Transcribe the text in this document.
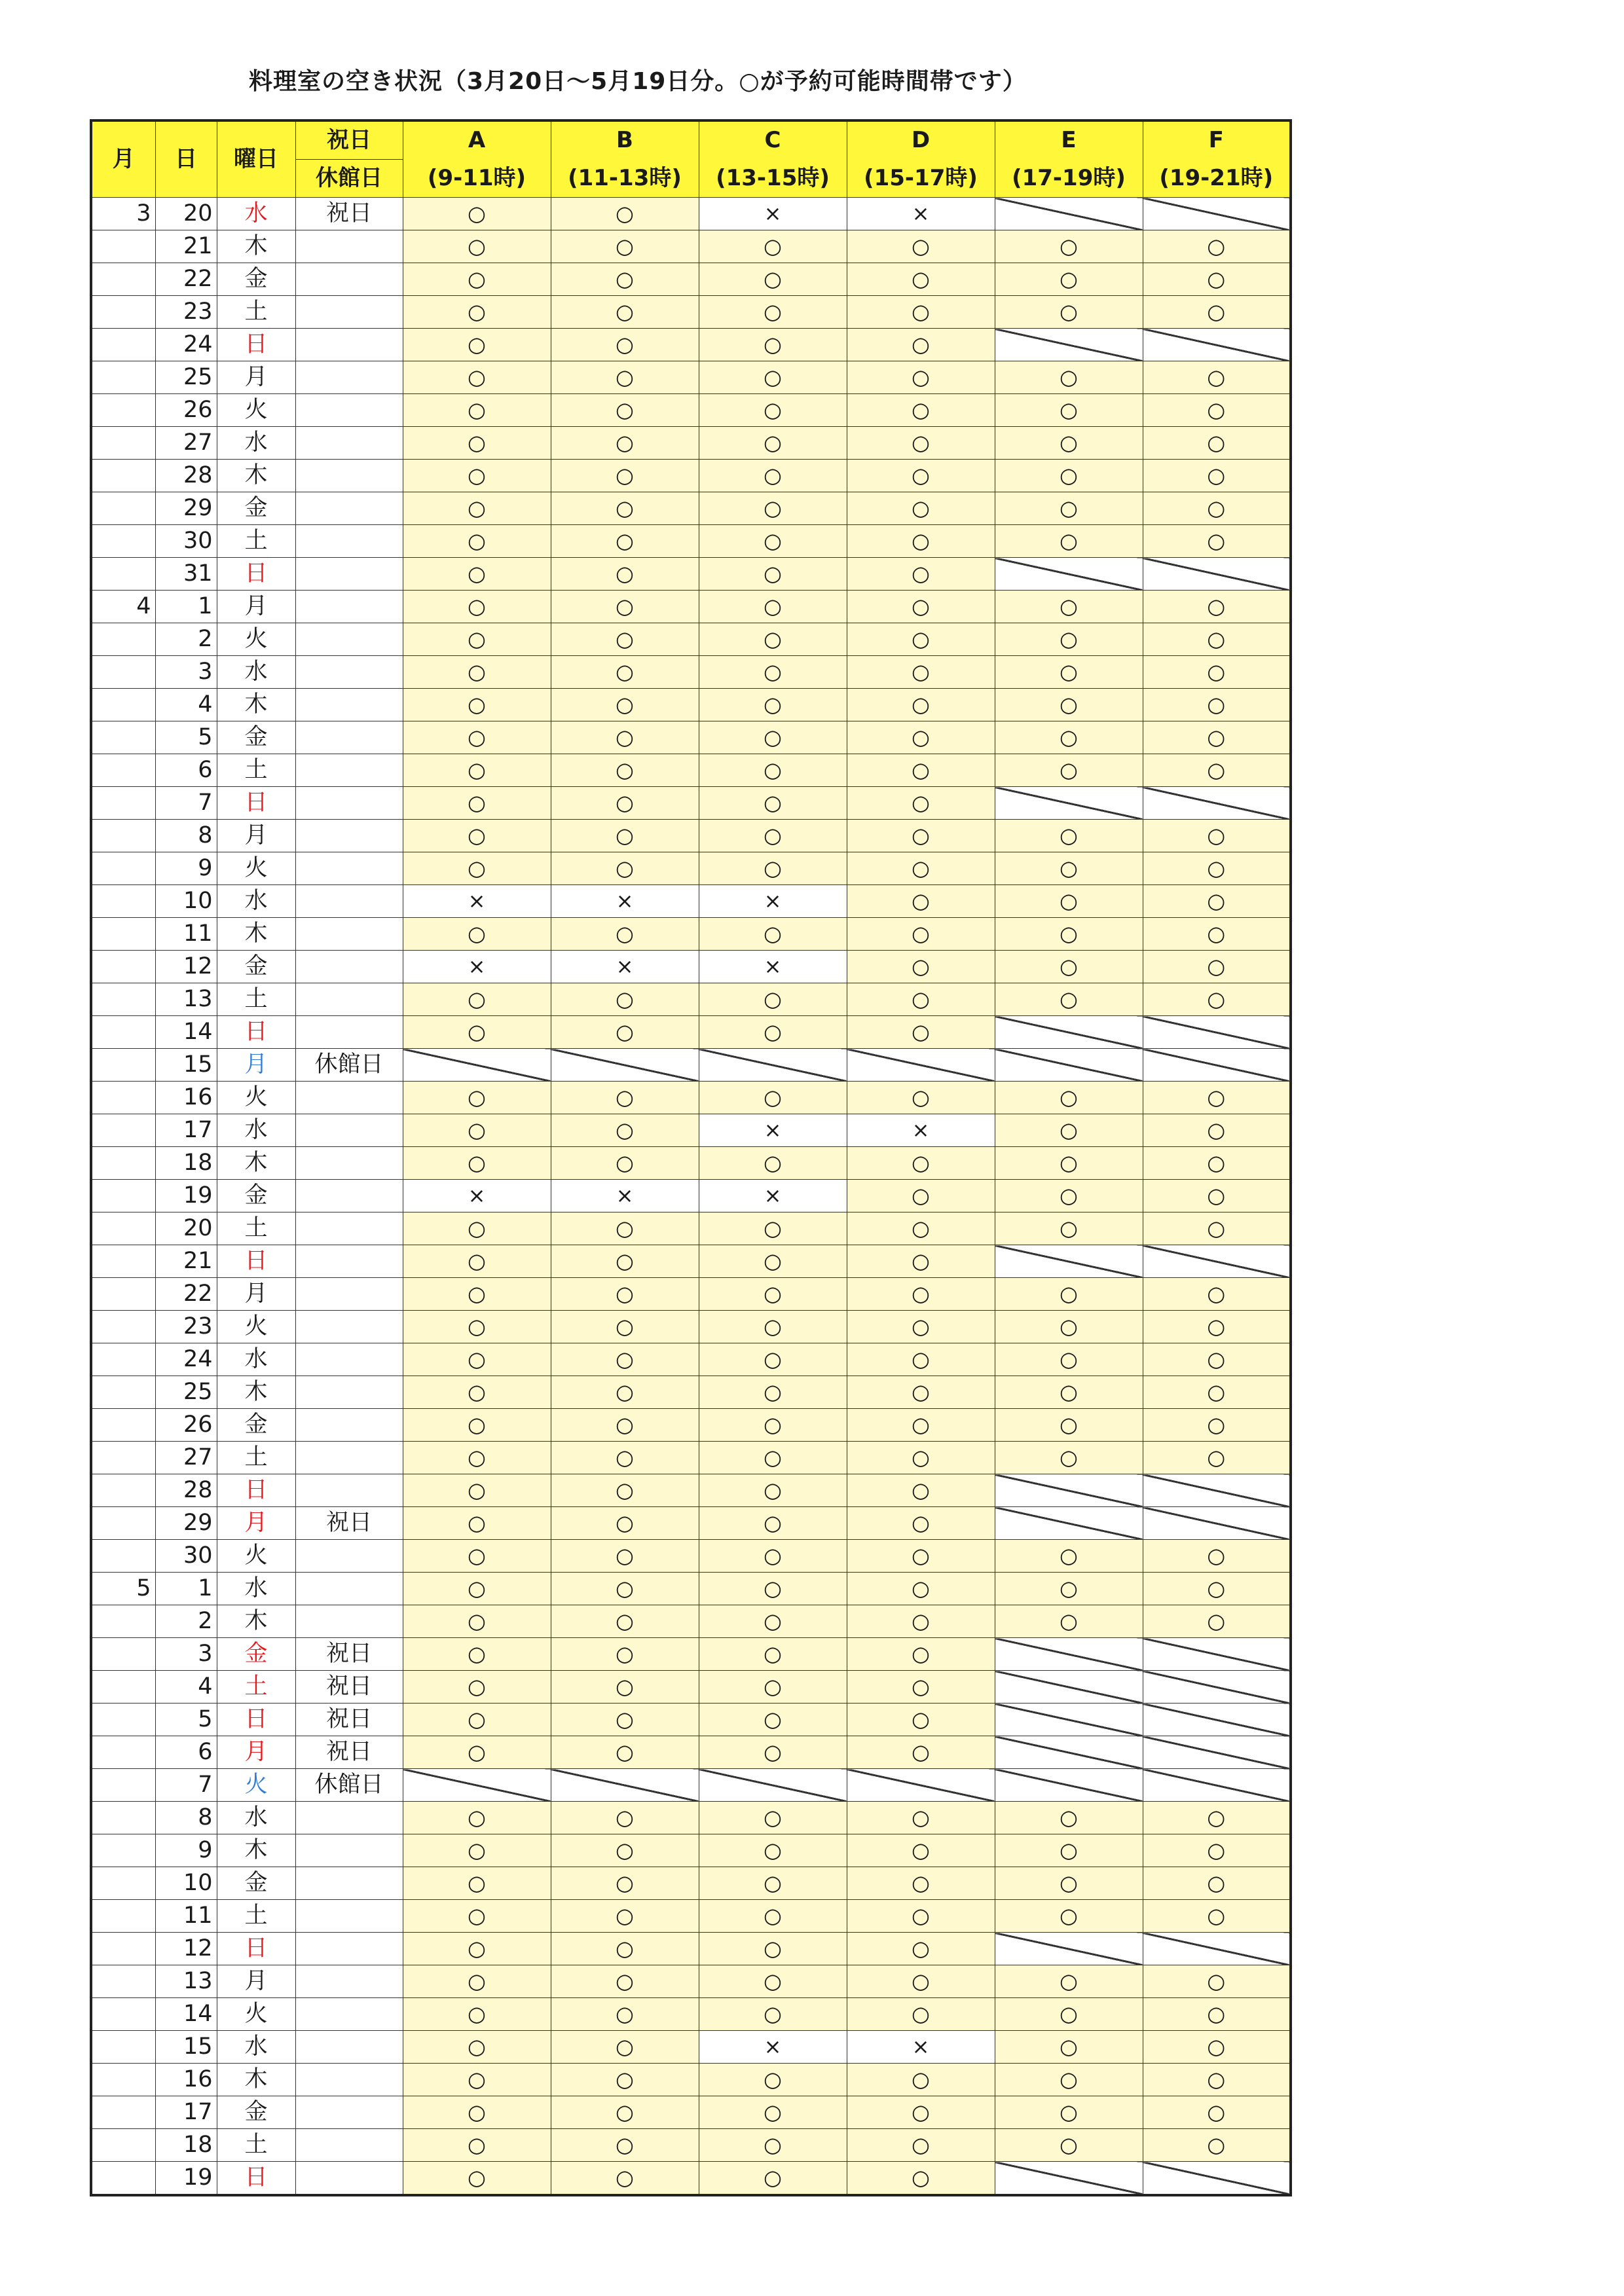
料理室の空き状況（3月20日～5月19日分。○が予約可能時間帯です）
月	日	曜日	祝日	A	B	C	D	E	F
			休館日	(9-11時)	(11-13時)	(13-15時)	(15-17時)	(17-19時)	(19-21時)
3	20	水	祝日	○	○	×	×		
	21	木		○	○	○	○	○	○
	22	金		○	○	○	○	○	○
	23	土		○	○	○	○	○	○
	24	日		○	○	○	○		
	25	月		○	○	○	○	○	○
	26	火		○	○	○	○	○	○
	27	水		○	○	○	○	○	○
	28	木		○	○	○	○	○	○
	29	金		○	○	○	○	○	○
	30	土		○	○	○	○	○	○
	31	日		○	○	○	○		
4	1	月		○	○	○	○	○	○
	2	火		○	○	○	○	○	○
	3	水		○	○	○	○	○	○
	4	木		○	○	○	○	○	○
	5	金		○	○	○	○	○	○
	6	土		○	○	○	○	○	○
	7	日		○	○	○	○		
	8	月		○	○	○	○	○	○
	9	火		○	○	○	○	○	○
	10	水		×	×	×	○	○	○
	11	木		○	○	○	○	○	○
	12	金		×	×	×	○	○	○
	13	土		○	○	○	○	○	○
	14	日		○	○	○	○		
	15	月	休館日						
	16	火		○	○	○	○	○	○
	17	水		○	○	×	×	○	○
	18	木		○	○	○	○	○	○
	19	金		×	×	×	○	○	○
	20	土		○	○	○	○	○	○
	21	日		○	○	○	○		
	22	月		○	○	○	○	○	○
	23	火		○	○	○	○	○	○
	24	水		○	○	○	○	○	○
	25	木		○	○	○	○	○	○
	26	金		○	○	○	○	○	○
	27	土		○	○	○	○	○	○
	28	日		○	○	○	○		
	29	月	祝日	○	○	○	○		
	30	火		○	○	○	○	○	○
5	1	水		○	○	○	○	○	○
	2	木		○	○	○	○	○	○
	3	金	祝日	○	○	○	○		
	4	土	祝日	○	○	○	○		
	5	日	祝日	○	○	○	○		
	6	月	祝日	○	○	○	○		
	7	火	休館日						
	8	水		○	○	○	○	○	○
	9	木		○	○	○	○	○	○
	10	金		○	○	○	○	○	○
	11	土		○	○	○	○	○	○
	12	日		○	○	○	○		
	13	月		○	○	○	○	○	○
	14	火		○	○	○	○	○	○
	15	水		○	○	×	×	○	○
	16	木		○	○	○	○	○	○
	17	金		○	○	○	○	○	○
	18	土		○	○	○	○	○	○
	19	日		○	○	○	○		
